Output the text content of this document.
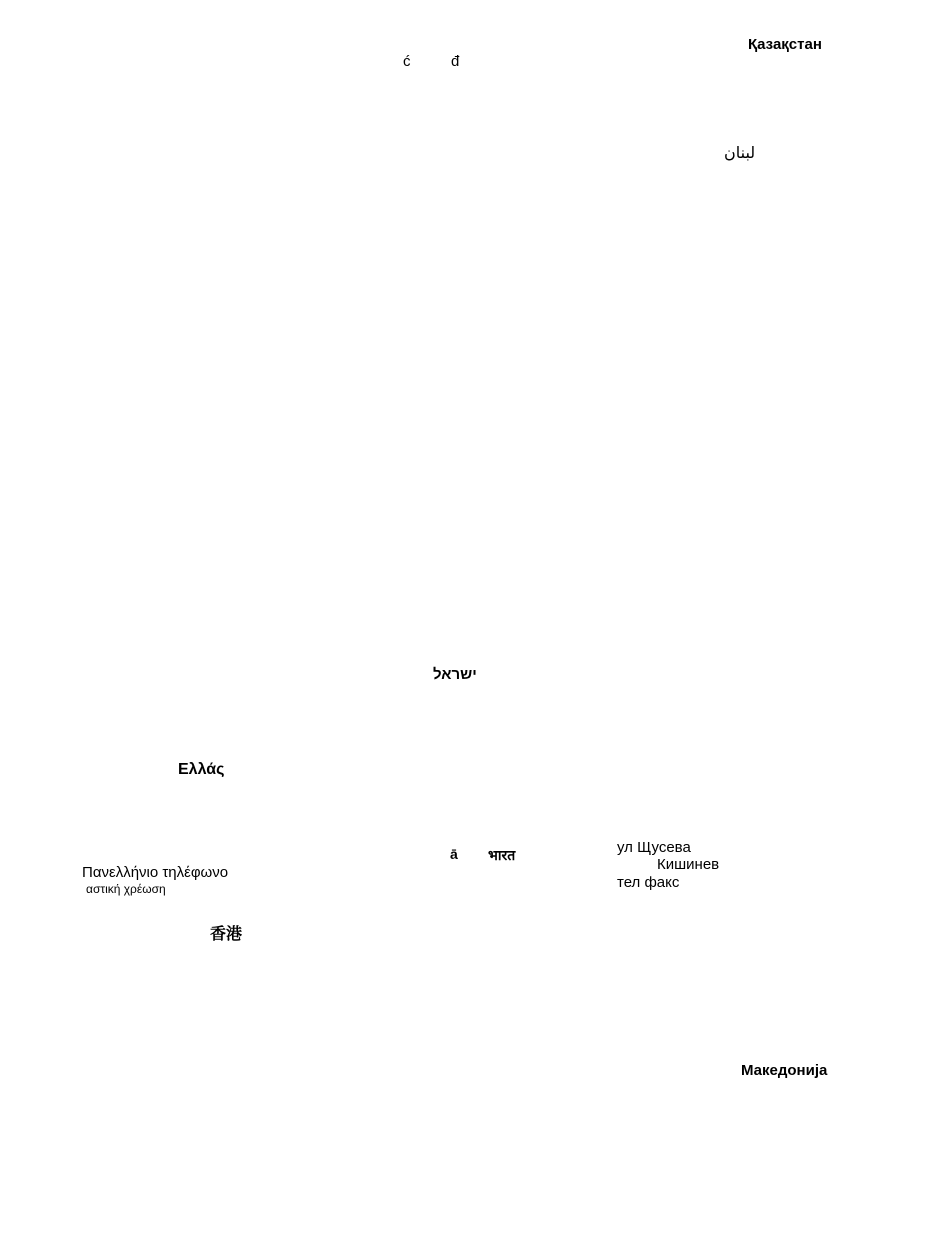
Қазақстан
ć	đ
لبنان
ישראל
Ελλάς
ā भारत
Πανελλήνιο τηλέφωνο
αστική χρέωση
ул Щусева
Кишинев
тел факс
香港
Македонија
